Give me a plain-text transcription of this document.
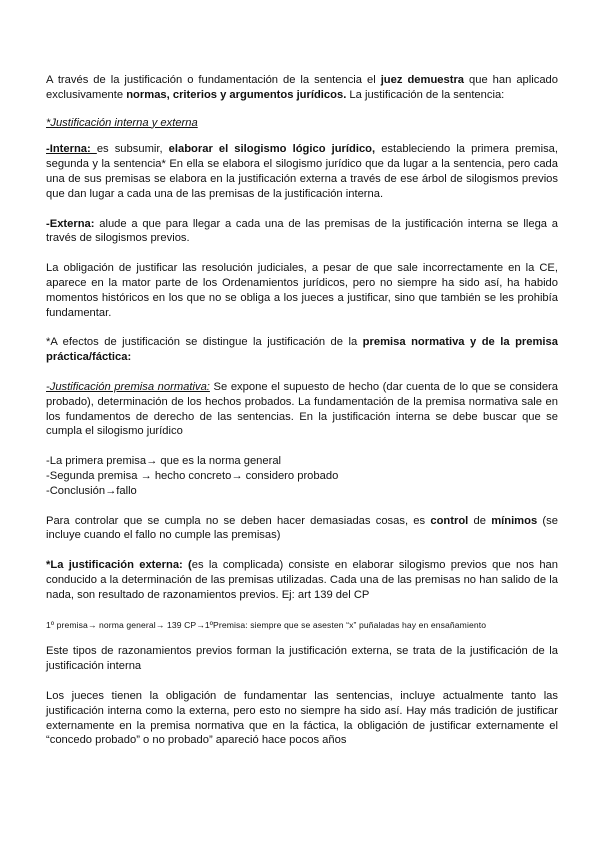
A través de la justificación o fundamentación de la sentencia el juez demuestra que han aplicado exclusivamente normas, criterios y argumentos jurídicos. La justificación de la sentencia:

*Justificación interna y externa

-Interna: es subsumir, elaborar el silogismo lógico jurídico, estableciendo la primera premisa, segunda y la sentencia* En ella se elabora el silogismo jurídico que da lugar a la sentencia, pero cada una de sus premisas se elabora en la justificación externa a través de ese árbol de silogismos previos que dan lugar a cada una de las premisas de la justificación interna.

-Externa: alude a que para llegar a cada una de las premisas de la justificación interna se llega a través de silogismos previos.

La obligación de justificar las resolución judiciales, a pesar de que sale incorrectamente en la CE, aparece en la mator parte de los Ordenamientos jurídicos, pero no siempre ha sido así, ha habido momentos históricos en los que no se obliga a los jueces a justificar, sino que también se les prohibía fundamentar.

*A efectos de justificación se distingue la justificación de la premisa normativa y de la premisa práctica/fáctica:

-Justificación premisa normativa: Se expone el supuesto de hecho (dar cuenta de lo que se considera probado), determinación de los hechos probados. La fundamentación de la premisa normativa sale en los fundamentos de derecho de las sentencias. En la justificación interna se debe buscar que se cumpla el silogismo jurídico

-La primera premisa→ que es la norma general
-Segunda premisa → hecho concreto→ considero probado
-Conclusión→fallo

Para controlar que se cumpla no se deben hacer demasiadas cosas, es control de mínimos (se incluye cuando el fallo no cumple las premisas)

*La justificación externa: (es la complicada) consiste en elaborar silogismo previos que nos han conducido a la determinación de las premisas utilizadas. Cada una de las premisas no han salido de la nada, son resultado de razonamientos previos. Ej: art 139 del CP

1º premisa→ norma general→ 139 CP→1ºPremisa: siempre que se asesten “x” puñaladas hay en ensañamiento

Este tipos de razonamientos previos forman la justificación externa, se trata de la justificación de la justificación interna

Los jueces tienen la obligación de fundamentar las sentencias, incluye actualmente tanto las justificación interna como la externa, pero esto no siempre ha sido así. Hay más tradición de justificar externamente en la premisa normativa que en la fáctica, la obligación de justificar externamente el “concedo probado” o no probado” apareció hace pocos años
